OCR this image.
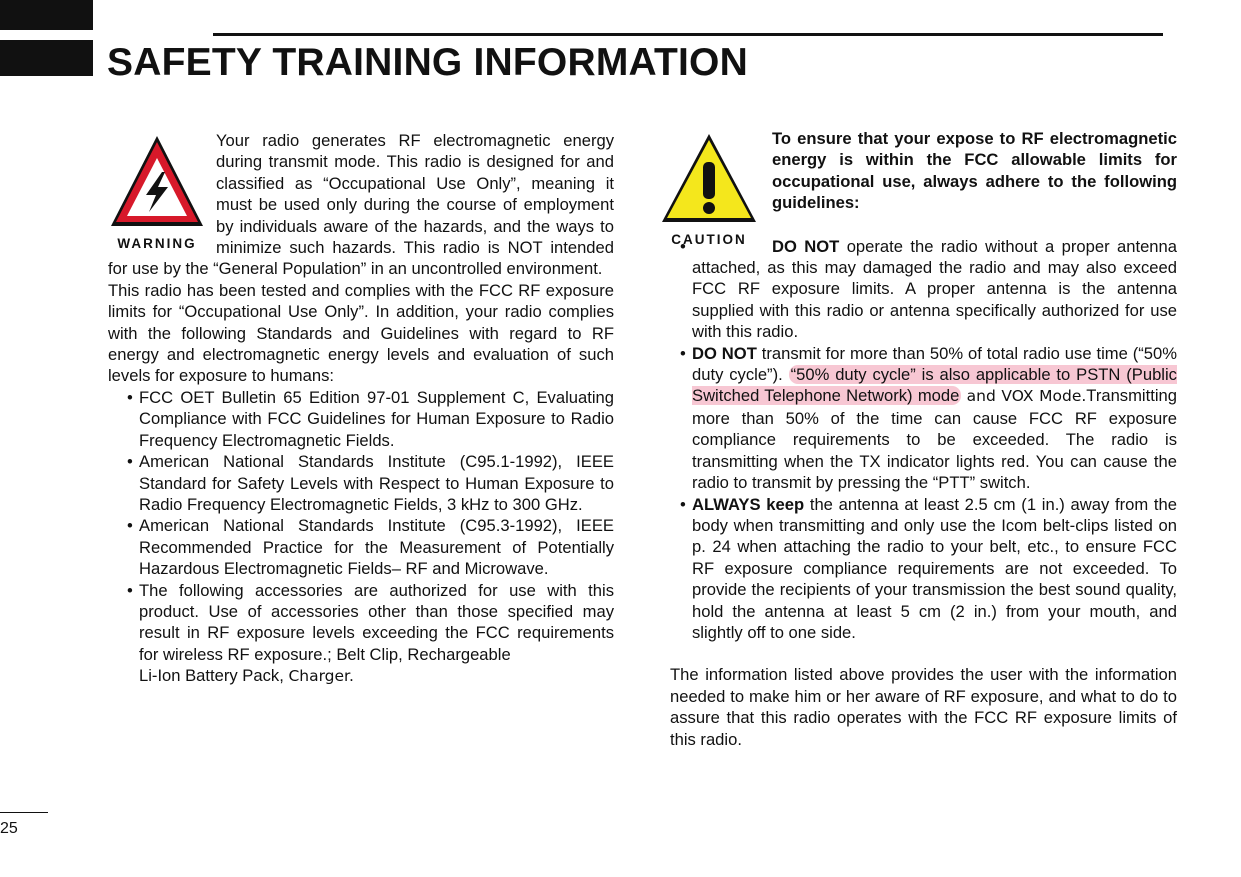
SAFETY TRAINING INFORMATION
WARNING

Your radio generates RF electromagnetic energy during transmit mode. This radio is designed for and classified as “Occupational Use Only”, meaning it must be used only during the course of employment by individuals aware of the hazards, and the ways to minimize such hazards. This radio is NOT intended for use by the “General Population” in an uncontrolled environment.

This radio has been tested and complies with the FCC RF exposure limits for “Occupational Use Only”. In addition, your radio complies with the following Standards and Guidelines with regard to RF energy and electromagnetic energy levels and evaluation of such levels for exposure to humans:

• FCC OET Bulletin 65 Edition 97-01 Supplement C, Evaluating Compliance with FCC Guidelines for Human Exposure to Radio Frequency Electromagnetic Fields.
• American National Standards Institute (C95.1-1992), IEEE Standard for Safety Levels with Respect to Human Exposure to Radio Frequency Electromagnetic Fields, 3 kHz to 300 GHz.
• American National Standards Institute (C95.3-1992), IEEE Recommended Practice for the Measurement of Potentially Hazardous Electromagnetic Fields– RF and Microwave.
• The following accessories are authorized for use with this product. Use of accessories other than those specified may result in RF exposure levels exceeding the FCC requirements for wireless RF exposure.; Belt Clip, Rechargeable
Li-Ion Battery Pack, Charger.
CAUTION

To ensure that your expose to RF electromagnetic energy is within the FCC allowable limits for occupational use, always adhere to the following guidelines:

• DO NOT operate the radio without a proper antenna attached, as this may damaged the radio and may also exceed FCC RF exposure limits. A proper antenna is the antenna supplied with this radio or antenna specifically authorized for use with this radio.
• DO NOT transmit for more than 50% of total radio use time (“50% duty cycle”). “50% duty cycle” is also applicable to PSTN (Public Switched Telephone Network) mode and VOX Mode.Transmitting more than 50% of the time can cause FCC RF exposure compliance requirements to be exceeded. The radio is transmitting when the TX indicator lights red. You can cause the radio to transmit by pressing the “PTT” switch.
• ALWAYS keep the antenna at least 2.5 cm (1 in.) away from the body when transmitting and only use the Icom belt-clips listed on p. 24 when attaching the radio to your belt, etc., to ensure FCC RF exposure compliance requirements are not exceeded. To provide the recipients of your transmission the best sound quality, hold the antenna at least 5 cm (2 in.) from your mouth, and slightly off to one side.

The information listed above provides the user with the information needed to make him or her aware of RF exposure, and what to do to assure that this radio operates with the FCC RF exposure limits of this radio.

25
